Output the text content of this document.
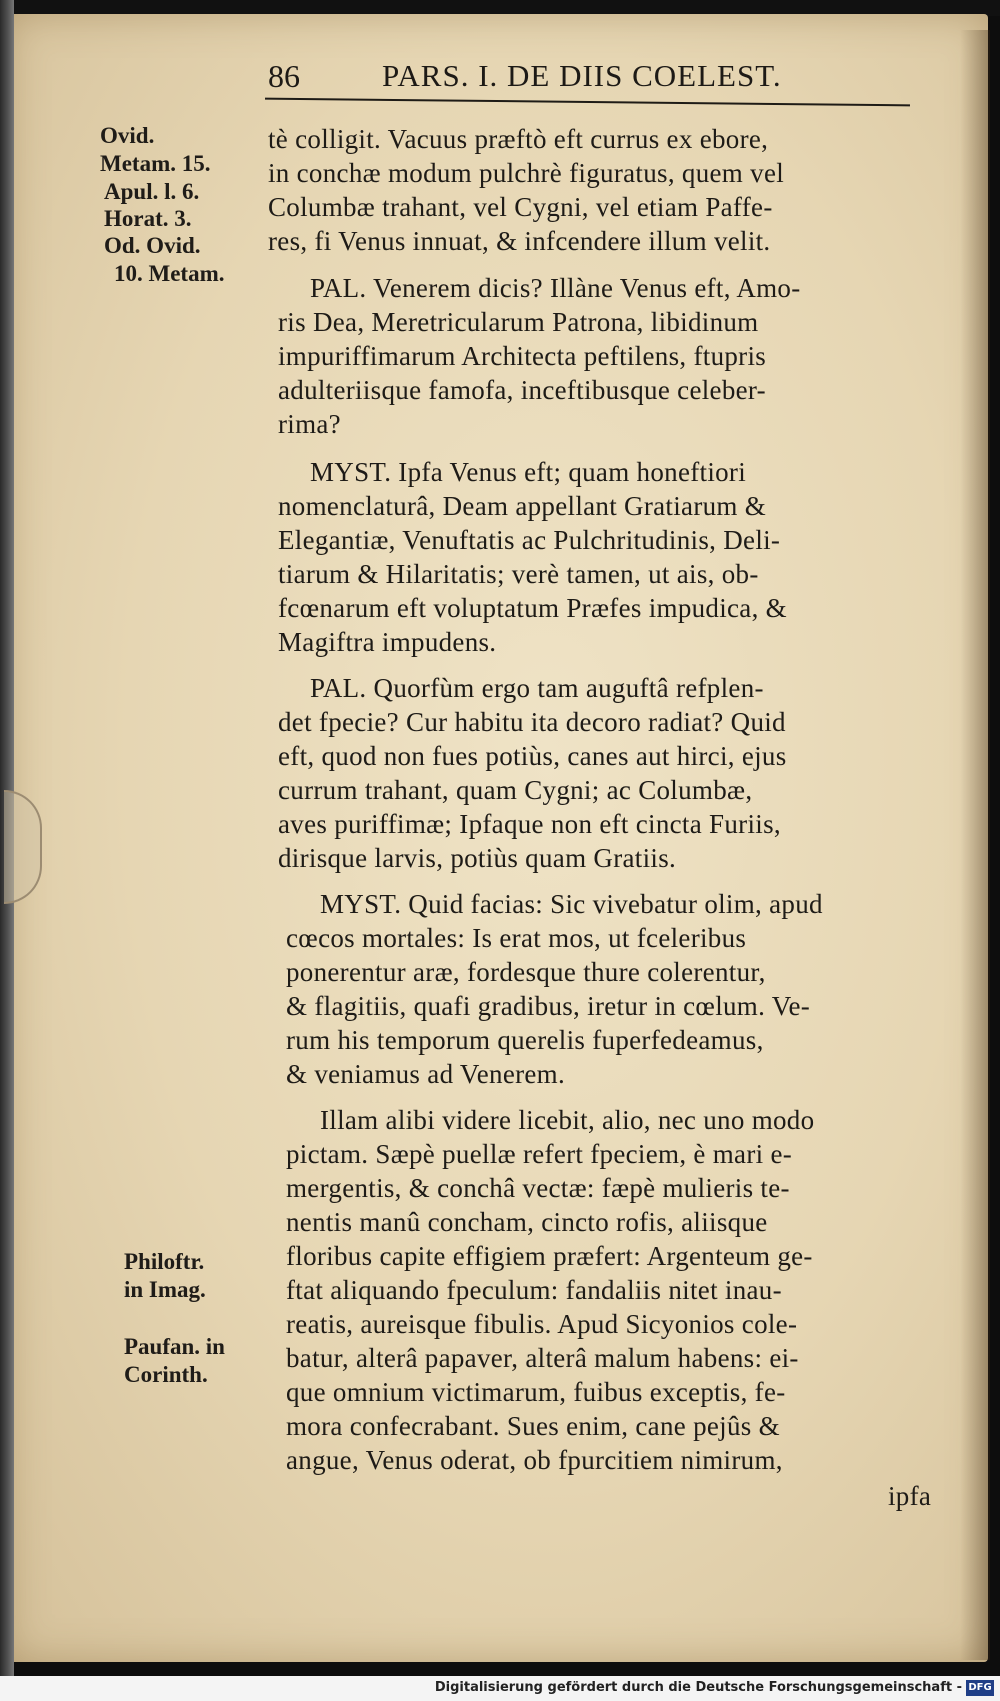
86	PARS. I. DE DIIS COELEST.
Ovid.
Metam. 15.
Apul. l. 6.
Horat. 3.
Od. Ovid.
10. Metam.
Philoftr.
in Imag.
Paufan. in
Corinth.
tè colligit. Vacuus præftò eft currus ex ebore,
in conchæ modum pulchrè figuratus, quem vel
Columbæ trahant, vel Cygni, vel etiam Paffe-
res, fi Venus innuat, & infcendere illum velit.
PAL. Venerem dicis? Illàne Venus eft, Amo-
ris Dea, Meretricularum Patrona, libidinum
impuriffimarum Architecta peftilens, ftupris
adulteriisque famofa, inceftibusque celeber-
rima?
MYST. Ipfa Venus eft; quam honeftiori
nomenclaturâ, Deam appellant Gratiarum &
Elegantiæ, Venuftatis ac Pulchritudinis, Deli-
tiarum & Hilaritatis; verè tamen, ut ais, ob-
fcœnarum eft voluptatum Præfes impudica, &
Magiftra impudens.
PAL. Quorfùm ergo tam auguftâ refplen-
det fpecie? Cur habitu ita decoro radiat? Quid
eft, quod non fues potiùs, canes aut hirci, ejus
currum trahant, quam Cygni; ac Columbæ,
aves puriffimæ; Ipfaque non eft cincta Furiis,
dirisque larvis, potiùs quam Gratiis.
MYST. Quid facias: Sic vivebatur olim, apud
cœcos mortales: Is erat mos, ut fceleribus
ponerentur aræ, fordesque thure colerentur,
& flagitiis, quafi gradibus, iretur in cœlum. Ve-
rum his temporum querelis fuperfedeamus,
& veniamus ad Venerem.
Illam alibi videre licebit, alio, nec uno modo
pictam. Sæpè puellæ refert fpeciem, è mari e-
mergentis, & conchâ vectæ: fæpè mulieris te-
nentis manû concham, cincto rofis, aliisque
floribus capite effigiem præfert: Argenteum ge-
ftat aliquando fpeculum: fandaliis nitet inau-
reatis, aureisque fibulis. Apud Sicyonios cole-
batur, alterâ papaver, alterâ malum habens: ei-
que omnium victimarum, fuibus exceptis, fe-
mora confecrabant. Sues enim, cane pejûs &
angue, Venus oderat, ob fpurcitiem nimirum,
ipfa
Digitalisierung gefördert durch die Deutsche Forschungsgemeinschaft - DFG
